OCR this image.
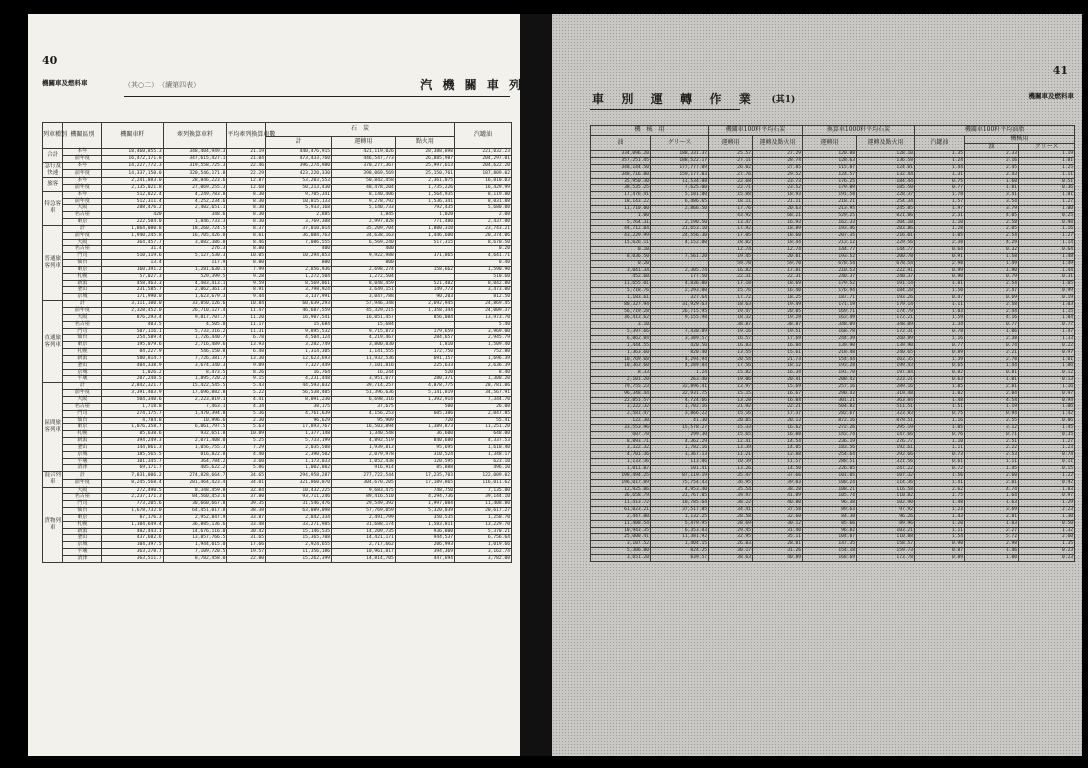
40
機關車及燃料車	（其○二）　（續第四表）	汽 機 關 車 列
列車種別	機關區別	機關車粁	牽列換算車粁	平均牽列換算車數	石　炭			汽罐油
					計	運轉用	點火用	
合計	本年	18,460,855.3	348,404,949.3	21.19	440,476,915	421,119,026	28,388,898	221,032.23
	前年度	16,472,171.8	347,615,427.1	21.04	473,433,760	446,547,773	26,885,987	204,297.01
急行及快速	本年	14,227,772.3	319,558,725.3	22.46	396,274,980	370,277,367	25,997,613	204,622.20
	前年度	14,337,150.0	320,546,171.8	22.29	423,220,330	398,069,569	25,150,761	187,809.02
旅客	本年	2,241,883.0	28,846,223.6	12.87	53,203,553	50,842,458	2,361,075	16,810.03
	前年度	2,135,021.8	27,069,255.3	12.68	50,213,430	48,478,204	1,735,226	16,429.99
特急客車	本年	512,822.4	4,249,783.8	8.30	9,705,341	8,140,406	1,564,935	8,119.80
	前年度	512,311.4	4,252,234.6	8.30	10,815,133	9,278,792	1,536,341	8,031.88
	大阪	288,476.2	2,402,651.1	8.30	5,933,168	5,140,733	792,435	5,680.00
	名古屋	420	348.6	8.30	2,885	1,845	1,020	2.00
	東京	222,504.0	1,846,733.3	8.30	3,769,308	2,997,828	771,480	2,437.80
普通旅客列車	計	1,864,080.8	18,260,724.5	8.37	37,010,014	35,209,704	1,800,310	23,743.21
	前年度	1,940,245.8	16,705,426.8	8.61	36,084,763	34,638,163	1,446,600	20,374.06
	大阪	364,457.7	3,082,386.8	8.46	7,086,555	6,569,240	517,315	8,670.50
	名古屋	31.4	276.3	8.80	400	400		0.20
	門司	510,119.6	5,127,530.3	10.05	10,294,853	9,922,988	371,865	4,641.71
	仙台	13.4	117.9	8.80	800	800		0.40
	東京	160,391.2	1,281,630.1	7.99	2,856,936	2,698,274	158,662	1,590.90
	札幌	57,027.3	529,399.5	9.28	1,272,504	1,272,504		510.60
	新潟	458,463.3	4,483,413.1	9.59	8,569,861	8,048,459	521,402	8,042.80
	釜山	231,585.7	2,062,361.3	8.91	3,798,924	3,649,151	149,773	3,473.00
	京城	171,990.0	1,623,679.3	9.44	3,137,991	3,047,788	90,203	812.50
直通旅客列車	計	3,111,100.0	33,850,126.6	10.84	60,639,293	57,946,348	2,692,945	24,869.45
	前年度	2,328,452.0	26,710,127.4	11.47	46,687,559	45,329,215	1,358,344	24,009.37
	大阪	876,293.4	9,817,707.7	11.20	16,907,541	16,051,457	856,084	13,973.70
	名古屋	403.5	4,505.8	11.17	15,684	15,684		5.40
	門司	507,116.1	5,733,316.2	11.31	9,895,532	9,715,873	179,659	3,969.00
	仙台	254,589.4	1,726,440.7	6.78	4,504,124	4,219,467	284,657	2,945.79
	東京	195,079.6	2,716,489.6	13.93	3,282,749	3,800,030	1,810	1,509.40
	札幌	84,227.9	546,150.8	6.48	1,314,305	1,141,555	172,750	752.80
	新潟	580,814.7	7,726,381.7	13.30	12,623,693	11,932,536	691,157	1,696.39
	釜山	404,338.9	3,674,340.3	9.09	7,327,449	7,101,816	225,633	2,636.39
	京城	1,026.2	8,473.5	8.26	16,764	16,244	520	8.40
	平壤	207,248.5	1,895,720.2	9.15	4,231,448	3,951,077	280,371	1,300.20
區間旅客列車	計	2,842,321.7	15,422,545.5	5.43	44,593,032	39,714,257	4,878,775	28,781.06
	前年度	3,391,403.9	17,696,882.8	5.22	56,538,405	51,396,636	5,141,819	34,567.91
	大阪	504,340.6	2,223,819.1	4.41	8,091,230	6,698,316	1,392,914	7,344.70
	名古屋	1,718.8	7,463.1	4.34	38,175	37,675	500	26.00
	門司	274,175.7	1,470,394.8	5.36	4,761,639	4,156,253	605,386	2,047.85
	仙台	4,784.8	10,996.6	2.30	96,629	95,909	720	55.41
	東京	1,076,358.7	6,061,797.5	5.63	17,893,767	16,503,894	1,389,873	11,251.20
	札幌	85,638.6	932,651.8	10.89	1,377,148	1,340,548	36,600	648.00
	新潟	394,249.3	2,071,408.0	5.25	5,733,199	4,892,519	840,680	4,337.53
	釜山	144,861.3	1,056,755.3	7.29	2,035,508	1,939,813	95,695	1,610.40
	京城	185,565.5	816,822.8	4.40	2,390,502	2,079,978	310,524	1,348.17
	平壤	101,345.7	364,784.2	3.60	1,173,033	1,052,438	120,595	623.10
	清津	69,171.7	405,622.2	5.86	1,002,802	916,914	85,888	496.10
混合列車	計	7,831,006.2	274,828,664.7	34.65	294,958,287	277,722,544	17,235,703	122,009.02
	前年度	8,245,568.4	281,464,423.4	34.01	321,860,070	304,670,205	17,189,865	116,011.62
貨物列車	大阪	272,490.5	8,348,459.8	32.84	10,432,225	9,683,475	748,750	7,135.80
	名古屋	2,237,171.3	84,560,453.6	37.80	93,711,246	89,416,510	4,294,736	39,144.10
	門司	773,205.6	30,660,667.8	39.35	31,546,476	29,549,392	1,997,084	11,408.80
	仙台	1,678,732.0	64,451,017.8	38.38	63,089,098	57,769,059	5,320,039	20,617.27
	東京	87,176.3	2,952,847.9	33.87	2,842,334	2,491,799	350,535	1,250.70
	札幌	1,104,649.4	36,885,136.6	33.48	33,271,985	31,688,174	1,583,811	13,229.70
	新潟	482,443.1	14,676,116.0	30.42	15,146,535	14,209,735	936,800	5,370.21
	釜山	437,682.6	13,857,766.5	31.65	15,365,708	14,421,171	944,537	6,756.64
	京城	104,397.5	1,944,015.0	17.66	2,924,655	2,717,662	206,993	1,019.66
	平壤	363,278.7	7,109,720.5	19.57	11,356,186	10,961,817	394,369	3,162.74
	清津	363,511.7	8,782,458.0	22.80	15,262,399	14,814,705	447,694	3,782.00
41
機關車及燃料車
車 別 運 轉 作 業 (其1)
機　械　用		機關車100粁平均石炭		換算車1000粁平均石炭		機關車100粁平均油脂		
油	グリース	運轉用	運轉及點火用	運轉用	運轉及點火用	汽罐油	機械用	
							油	グリース
334,096.20	188,331.37	25.57	27.29	120.88	128.10	1.35	2.33	1.19
357,251.45	188,522.17	27.11	28.74	128.63	136.58	1.24	2.16	1.01
348,144.50	177,777.09	26.02	27.85	115.87	124.01	1.44	2.45	1.25
348,716.00	159,177.03	27.76	29.52	124.57	132.44	1.31	2.43	1.11
35,950.30	11,534.88	22.68	23.73	176.25	184.44	0.75	1.60	0.51
38,535.25	7,625.00	22.71	23.52	179.09	185.50	0.77	1.81	0.36
17,476.41	5,181.00	15.88	18.93	191.58	228.37	1.78	3.41	1.01
18,143.22	6,486.65	18.11	21.11	218.21	254.34	1.57	3.54	1.27
11,710.00	2,866.50	17.76	20.63	213.95	245.85	1.97	3.79	1.00
1.00		43.92	68.21	529.25	821.86	2.31	4.05	0.25
5,764.31	2,190.50	13.47	16.93	162.33	204.10	1.10	2.58	0.98
44,712.04	21,653.10	17.92	18.89	193.46	203.86	1.28	2.05	1.16
43,229.99	24,556.30	17.85	18.60	207.35	216.01	1.05	2.54	1.27
15,626.11	4,152.00	18.02	18.44	213.12	229.56	2.38	4.29	1.14
0.10		12.74	12.74	144.77	144.77	0.64	0.32	0.64
8,036.50	7,561.20	19.45	20.01	193.52	200.78	0.91	1.58	1.48
0.20		59.70	59.70	678.54	678.54	2.98	1.49	1.49
3,041.34	2,305.74	16.82	17.81	210.53	222.91	0.99	1.90	1.44
452.60	177.50	22.31	22.31	240.37	240.37	0.90	0.79	0.31
11,655.01	4,836.00	17.18	18.69	179.52	191.14	1.81	2.54	1.05
5,718.76	2,293.00	15.76	16.40	176.94	184.20	1.50	2.47	0.99
1,183.61	327.64	17.72	18.25	187.71	193.26	0.47	0.69	0.19
80,327.94	31,929.63	18.63	19.49	171.19	179.14	1.11	2.58	1.03
56,719.28	26,715.95	19.47	20.05	169.71	174.79	1.03	2.44	1.15
36,413.62	9,155.98	18.32	19.29	163.49	172.21	1.59	4.16	1.04
3.10		38.87	38.87	348.09	348.09	1.34	0.77	0.77
5,397.66	7,430.89	19.16	19.51	168.78	172.31	0.78	1.06	1.47
6,062.04	3,389.57	16.57	17.69	244.39	260.89	1.16	2.38	1.33
1,444.55	420.50	16.83	16.84	139.90	139.90	0.77	0.74	0.22
1,363.60	820.40	13.55	15.61	218.48	240.65	0.89	2.21	0.97
10,769.68	4,294.94	20.54	21.73	154.44	163.35	1.39	2.78	1.01
10,363.60	4,289.84	17.56	18.12	193.28	199.43	0.65	1.44	1.06
8.33	1.24	15.82	16.34	191.70	197.84	0.82	0.81	0.12
2,101.20	263.40	19.06	20.41	208.42	223.21	0.63	1.01	0.13
79,755.23	32,896.41	13.97	15.69	257.16	289.16	1.05	2.81	1.16
96,348.44	32,931.75	15.15	16.67	290.43	319.48	1.02	2.84	0.97
22,851.57	4,724.66	13.28	16.04	301.21	363.84	1.48	4.54	0.94
3,222.32	1,782.16	21.92	22.21	504.82	511.51	1.51	1.19	1.06
2,581.47	3,866.22	15.16	17.37	282.67	323.83	0.75	0.94	1.42
122.30	41.30	20.05	20.13	872.16	879.51	1.16	2.55	0.86
33,553.96	15,578.27	15.33	16.62	272.26	295.19	1.05	3.12	1.45
607.70	299.30	15.65	16.08	143.74	147.66	0.76	0.71	0.35
8,893.71	4,362.29	12.41	14.54	236.19	276.77	1.10	2.51	1.27
3,322.32	1,782.16	13.39	14.05	183.56	192.61	1.11	2.22	1.23
4,701.36	1,367.13	11.21	12.88	254.64	292.66	0.73	2.53	0.74
1,133.36	113.06	10.39	11.57	288.51	321.56	0.61	1.11	0.11
1,011.07	101.41	13.26	14.50	226.05	247.22	0.72	1.45	0.15
198,494.25	87,119.19	35.47	37.66	101.05	107.32	1.56	2.60	1.22
196,017.09	75,754.43	36.95	39.03	108.24	114.36	1.41	2.01	0.92
12,925.06	4,953.40	35.54	38.28	108.21	116.58	2.62	4.74	1.83
36,658.79	21,767.85	39.97	41.89	105.74	110.82	1.75	1.64	0.97
11,413.72	10,785.64	38.22	40.80	96.38	102.90	1.48	1.63	1.29
61,023.21	37,517.85	34.41	37.58	89.63	97.92	1.23	3.69	2.23
2,447.00	1,132.25	28.58	32.60	84.38	96.26	1.43	2.81	1.30
11,408.54	5,479.95	28.69	30.12	85.66	89.96	1.20	1.03	0.50
10,943.35	6,353.83	29.45	31.40	96.82	103.21	1.11	2.27	1.32
25,000.41	11,381.92	32.95	35.11	104.07	110.88	1.54	5.72	2.60
3,107.52	1,404.15	26.03	28.01	147.35	158.57	0.98	2.98	1.35
5,306.80	824.25	30.17	31.26	154.18	159.73	0.87	1.46	0.23
3,651.20	839.57	38.63	40.89	168.69	173.78	0.89	1.00	0.23
